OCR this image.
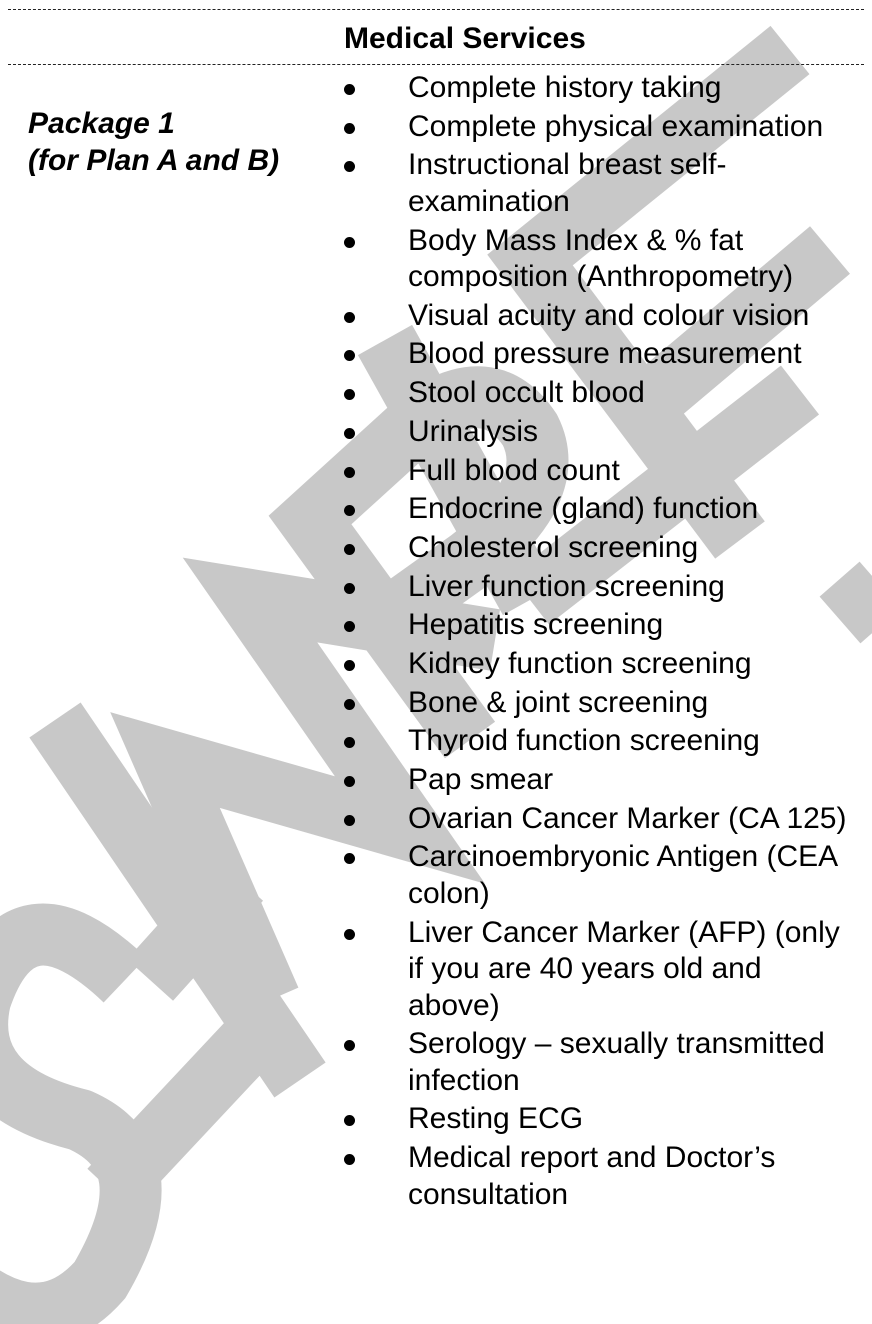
Medical Services
Package 1
(for Plan A and B)
Complete history taking
Complete physical examination
Instructional breast self-examination
Body Mass Index & % fat composition (Anthropometry)
Visual acuity and colour vision
Blood pressure measurement
Stool occult blood
Urinalysis
Full blood count
Endocrine (gland) function
Cholesterol screening
Liver function screening
Hepatitis screening
Kidney function screening
Bone & joint screening
Thyroid function screening
Pap smear
Ovarian Cancer Marker (CA 125)
Carcinoembryonic Antigen (CEA colon)
Liver Cancer Marker (AFP) (only if you are 40 years old and above)
Serology – sexually transmitted infection
Resting ECG
Medical report and Doctor’s consultation
